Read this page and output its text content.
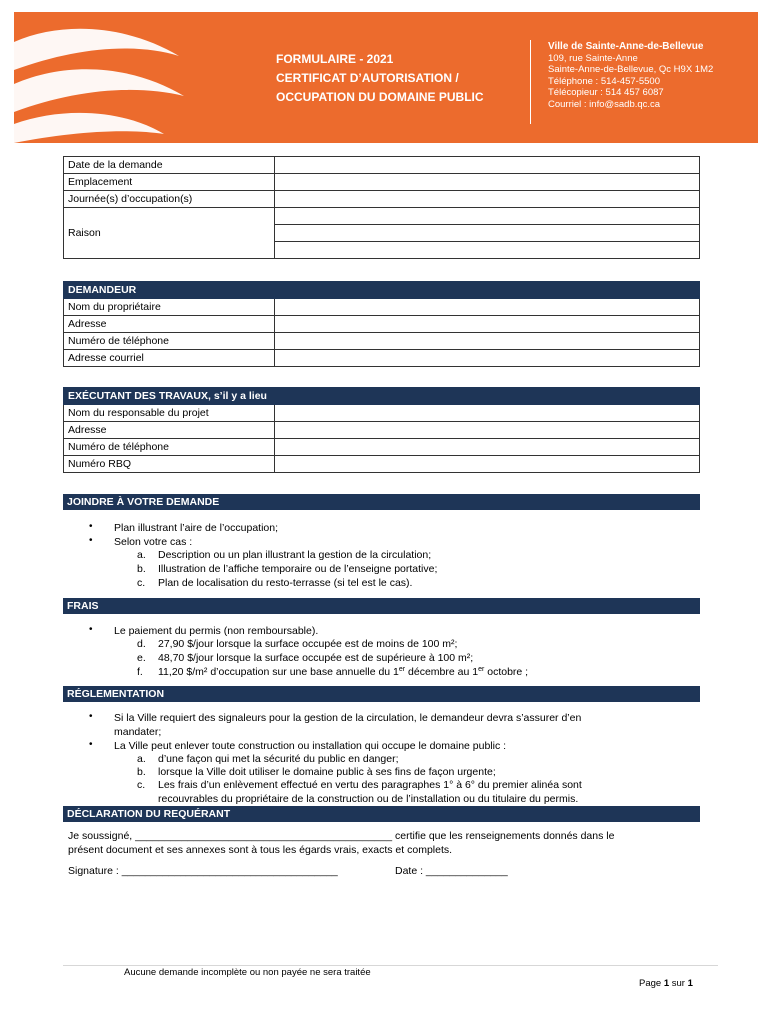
FORMULAIRE - 2021
CERTIFICAT D’AUTORISATION /
OCCUPATION DU DOMAINE PUBLIC
Ville de Sainte-Anne-de-Bellevue
109, rue Sainte-Anne
Sainte-Anne-de-Bellevue, Qc H9X 1M2
Téléphone : 514-457-5500
Télécopieur : 514 457 6087
Courriel : info@sadb.qc.ca
Date de la demande	
Emplacement	
Journée(s) d’occupation(s)	
Raison	

DEMANDEUR	
Nom du propriétaire	
Adresse	
Numéro de téléphone	
Adresse courriel	
EXÉCUTANT DES TRAVAUX, s’il y a lieu	
Nom du responsable du projet	
Adresse	
Numéro de téléphone	
Numéro RBQ	
JOINDRE À VOTRE DEMANDE
• Plan illustrant l’aire de l’occupation;
• Selon votre cas :
a. Description ou un plan illustrant la gestion de la circulation;
b. Illustration de l’affiche temporaire ou de l’enseigne portative;
c. Plan de localisation du resto-terrasse (si tel est le cas).
FRAIS
• Le paiement du permis (non remboursable).
d. 27,90 $/jour lorsque la surface occupée est de moins de 100 m²;
e. 48,70 $/jour lorsque la surface occupée est de supérieure à 100 m²;
f. 11,20 $/m² d’occupation sur une base annuelle du 1er décembre au 1er octobre ;
RÉGLEMENTATION
• Si la Ville requiert des signaleurs pour la gestion de la circulation, le demandeur devra s’assurer d’en
mandater;
• La Ville peut enlever toute construction ou installation qui occupe le domaine public :
a. d’une façon qui met la sécurité du public en danger;
b. lorsque la Ville doit utiliser le domaine public à ses fins de façon urgente;
c. Les frais d’un enlèvement effectué en vertu des paragraphes 1° à 6° du premier alinéa sont
recouvrables du propriétaire de la construction ou de l’installation ou du titulaire du permis.
DÉCLARATION DU REQUÉRANT
Je soussigné, ____________________________________________ certifie que les renseignements donnés dans le
présent document et ses annexes sont à tous les égards vrais, exacts et complets.
Signature : _____________________________________	Date : ______________
Aucune demande incomplète ou non payée ne sera traitée
Page 1 sur 1
